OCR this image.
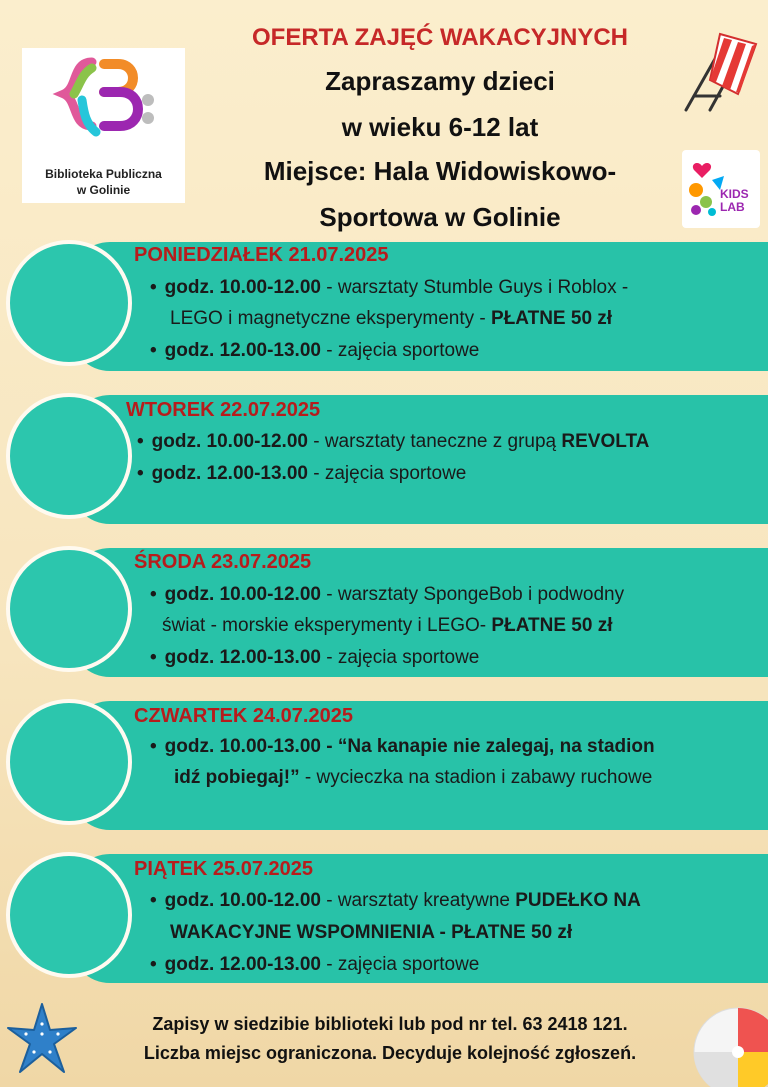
Biblioteka Publiczna
w Golinie
OFERTA ZAJĘĆ WAKACYJNYCH
Zapraszamy dzieci
w wieku 6-12 lat
Miejsce: Hala Widowiskowo-
Sportowa w Golinie
KIDS
LAB
PONIEDZIAŁEK 21.07.2025
• godz. 10.00-12.00 - warsztaty Stumble Guys i Roblox -
LEGO i magnetyczne eksperymenty - PŁATNE 50 zł
• godz. 12.00-13.00 - zajęcia sportowe
WTOREK 22.07.2025
• godz. 10.00-12.00 - warsztaty taneczne z grupą REVOLTA
• godz. 12.00-13.00 - zajęcia sportowe
ŚRODA 23.07.2025
• godz. 10.00-12.00 - warsztaty SpongeBob i podwodny
świat - morskie eksperymenty i LEGO- PŁATNE 50 zł
• godz. 12.00-13.00 - zajęcia sportowe
CZWARTEK 24.07.2025
• godz. 10.00-13.00 - “Na kanapie nie zalegaj, na stadion
idź pobiegaj!” - wycieczka na stadion i zabawy ruchowe
PIĄTEK 25.07.2025
• godz. 10.00-12.00 - warsztaty kreatywne PUDEŁKO NA
WAKACYJNE WSPOMNIENIA - PŁATNE 50 zł
• godz. 12.00-13.00 - zajęcia sportowe
Zapisy w siedzibie biblioteki lub pod nr tel. 63 2418 121.
Liczba miejsc ograniczona. Decyduje kolejność zgłoszeń.
